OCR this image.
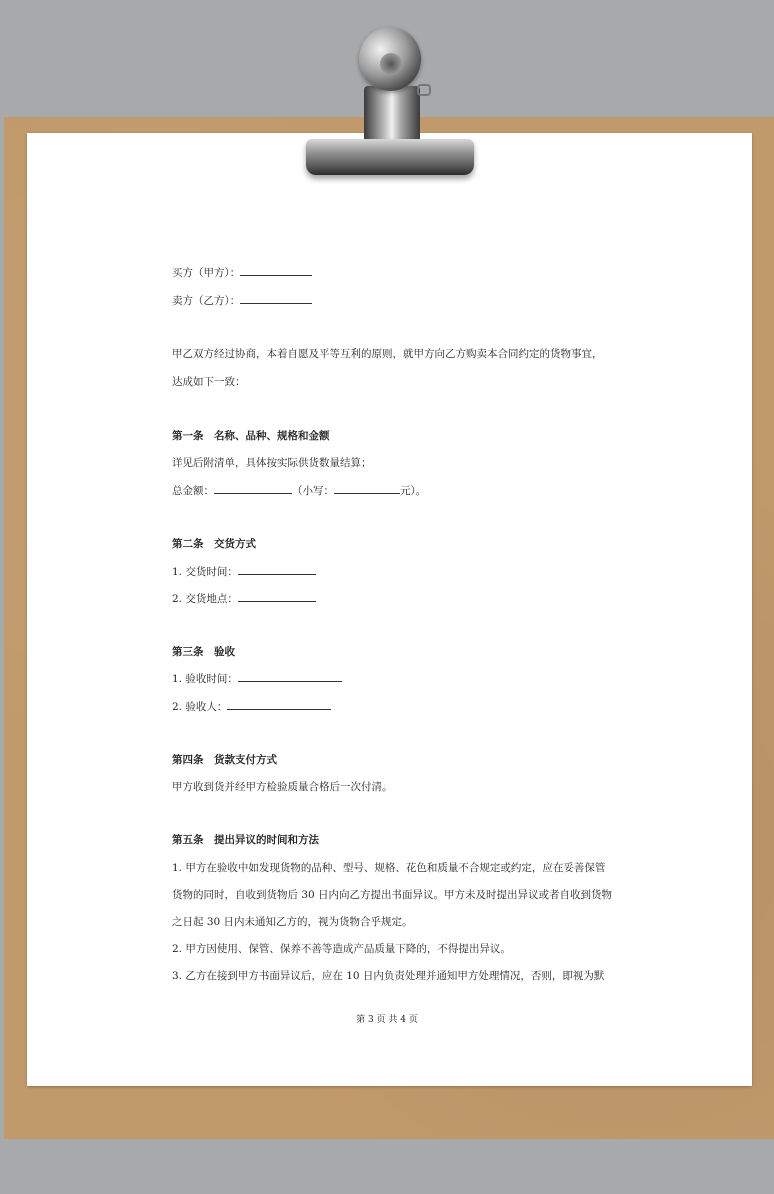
买方（甲方）：
卖方（乙方）：
甲乙双方经过协商，本着自愿及平等互利的原则，就甲方向乙方购卖本合同约定的货物事宜，
达成如下一致：
第一条　名称、品种、规格和金额
详见后附清单，具体按实际供货数量结算；
总金额：	（小写：	元）。
第二条　交货方式
1. 交货时间：
2. 交货地点：
第三条　验收
1. 验收时间：
2. 验收人：
第四条　货款支付方式
甲方收到货并经甲方检验质量合格后一次付清。
第五条　提出异议的时间和方法
1. 甲方在验收中如发现货物的品种、型号、规格、花色和质量不合规定或约定，应在妥善保管
货物的同时，自收到货物后 30 日内向乙方提出书面异议。甲方未及时提出异议或者自收到货物
之日起 30 日内未通知乙方的，视为货物合乎规定。
2. 甲方因使用、保管、保养不善等造成产品质量下降的，不得提出异议。
3. 乙方在接到甲方书面异议后，应在 10 日内负责处理并通知甲方处理情况，否则，即视为默
第 3 页 共 4 页
